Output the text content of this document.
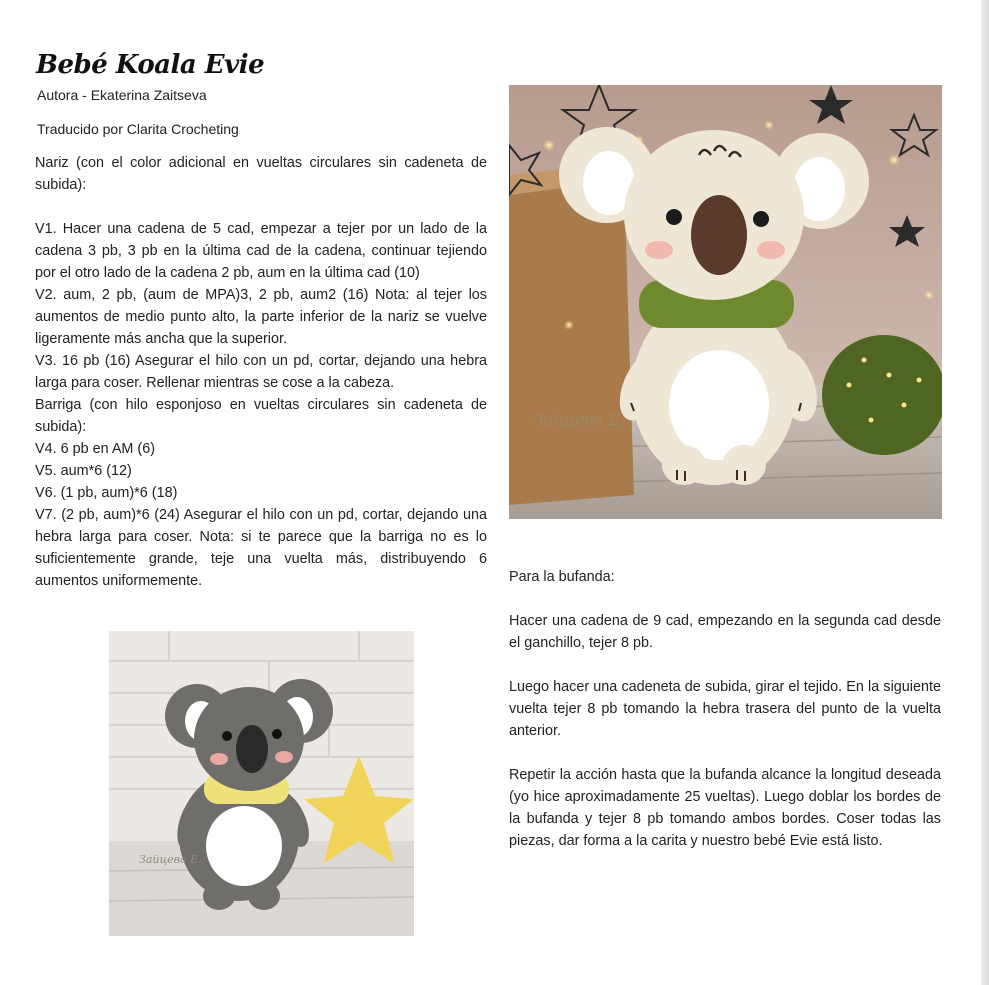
Bebé Koala Evie
Autora - Ekaterina Zaitseva
Traducido por Clarita Crocheting

Nariz (con el color adicional en vueltas circulares sin cadeneta de subida):

V1. Hacer una cadena de 5 cad, empezar a tejer por un lado de la cadena 3 pb, 3 pb en la última cad de la cadena, continuar tejiendo por el otro lado de la cadena 2 pb, aum en la última cad (10)

V2. aum, 2 pb, (aum de MPA)3, 2 pb, aum2 (16) Nota: al tejer los aumentos de medio punto alto, la parte inferior de la nariz se vuelve ligeramente más ancha que la superior.

V3. 16 pb (16) Asegurar el hilo con un pd, cortar, dejando una hebra larga para coser. Rellenar mientras se cose a la cabeza.

Barriga (con hilo esponjoso en vueltas circulares sin cadeneta de subida):

V4. 6 pb en AM (6)

V5. aum*6 (12)

V6. (1 pb, aum)*6 (18)

V7. (2 pb, aum)*6 (24) Asegurar el hilo con un pd, cortar, dejando una hebra larga para coser. Nota: si te parece que la barriga no es lo suficientemente grande, teje una vuelta más, distribuyendo 6 aumentos uniformemente.	Para la bufanda:

Hacer una cadena de 9 cad, empezando en la segunda cad desde el ganchillo, tejer 8 pb.

Luego hacer una cadeneta de subida, girar el tejido. En la siguiente vuelta tejer 8 pb tomando la hebra trasera del punto de la vuelta anterior.

Repetir la acción hasta que la bufanda alcance la longitud deseada (yo hice aproximadamente 25 vueltas). Luego doblar los bordes de la bufanda y tejer 8 pb tomando ambos bordes. Coser todas las piezas, dar forma a la carita y nuestro bebé Evie está listo.

Зайцева Е.
Зайцева Е.
